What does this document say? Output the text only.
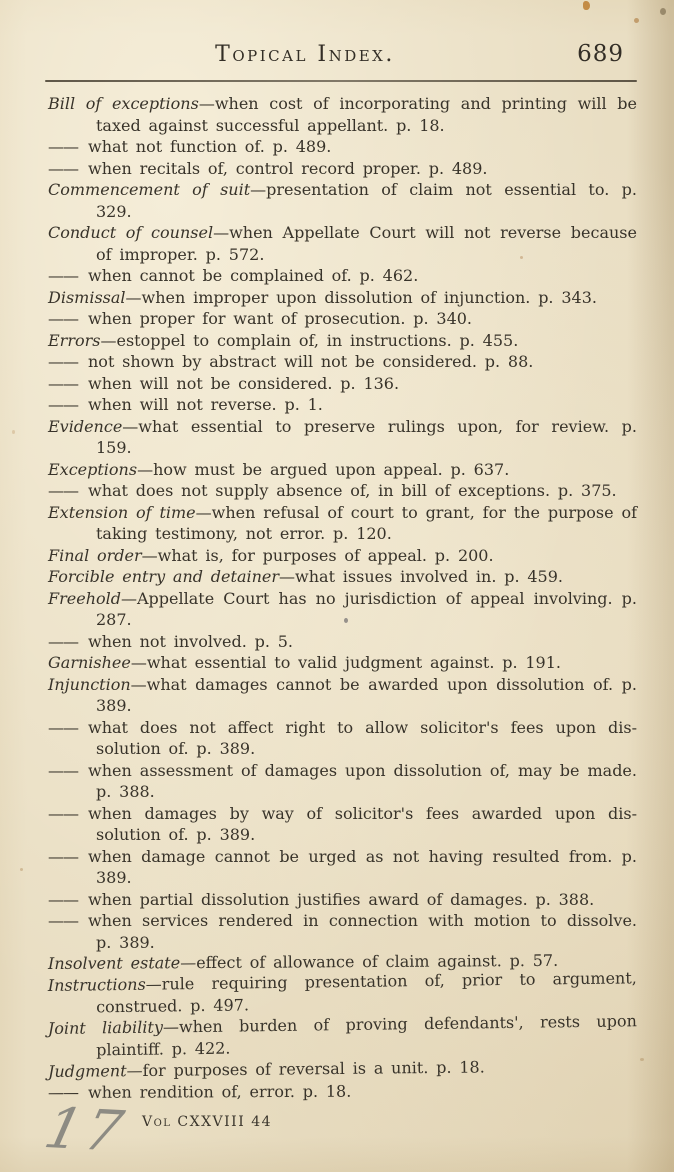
Topical Index.	689

Bill of exceptions—when cost of incorporating and printing will be taxed against successful appellant. p. 18.

—— what not function of. p. 489.

—— when recitals of, control record proper. p. 489.

Commencement of suit—presentation of claim not essential to. p. 329.

Conduct of counsel—when Appellate Court will not reverse because of improper. p. 572.

—— when cannot be complained of. p. 462.

Dismissal—when improper upon dissolution of injunction. p. 343.

—— when proper for want of prosecution. p. 340.

Errors—estoppel to complain of, in instructions. p. 455.

—— not shown by abstract will not be considered. p. 88.

—— when will not be considered. p. 136.

—— when will not reverse. p. 1.

Evidence—what essential to preserve rulings upon, for review. p. 159.

Exceptions—how must be argued upon appeal. p. 637.

—— what does not supply absence of, in bill of exceptions. p. 375.

Extension of time—when refusal of court to grant, for the purpose of taking testimony, not error. p. 120.

Final order—what is, for purposes of appeal. p. 200.

Forcible entry and detainer—what issues involved in. p. 459.

Freehold—Appellate Court has no jurisdiction of appeal involving. p. 287.

—— when not involved. p. 5.

Garnishee—what essential to valid judgment against. p. 191.

Injunction—what damages cannot be awarded upon dissolution of. p. 389.

—— what does not affect right to allow solicitor's fees upon dissolution of. p. 389.

—— when assessment of damages upon dissolution of, may be made. p. 388.

—— when damages by way of solicitor's fees awarded upon dissolution of. p. 389.

—— when damage cannot be urged as not having resulted from. p. 389.

—— when partial dissolution justifies award of damages. p. 388.

—— when services rendered in connection with motion to dissolve. p. 389.

Insolvent estate—effect of allowance of claim against. p. 57.

Instructions—rule requiring presentation of, prior to argument, construed. p. 497.

Joint liability—when burden of proving defendants', rests upon plaintiff. p. 422.

Judgment—for purposes of reversal is a unit. p. 18.

—— when rendition of, error. p. 18.

Vol CXXVIII 44
17
